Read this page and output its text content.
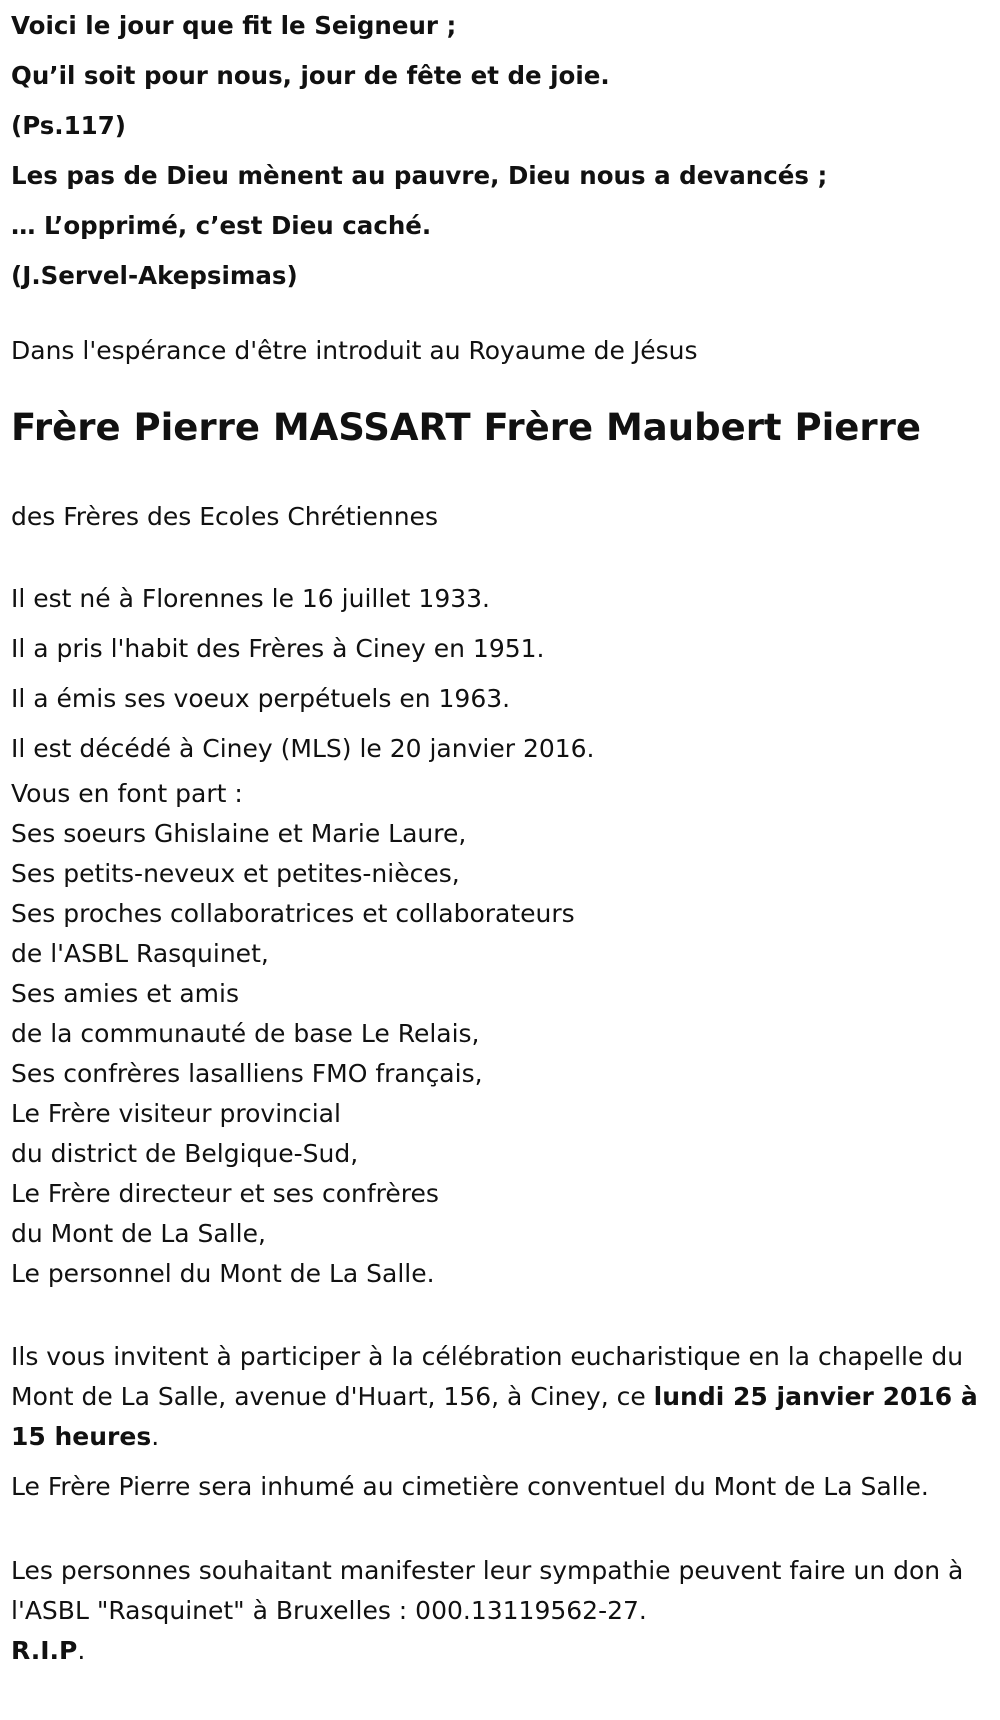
Voici le jour que fit le Seigneur ;

Qu’il soit pour nous, jour de fête et de joie.

(Ps.117)

Les pas de Dieu mènent au pauvre, Dieu nous a devancés ;

… L’opprimé, c’est Dieu caché.

(J.Servel-Akepsimas)

Dans l'espérance d'être introduit au Royaume de Jésus

Frère Pierre MASSART Frère Maubert Pierre

des Frères des Ecoles Chrétiennes

Il est né à Florennes le 16 juillet 1933.

Il a pris l'habit des Frères à Ciney en 1951.

Il a émis ses voeux perpétuels en 1963.

Il est décédé à Ciney (MLS) le 20 janvier 2016.

Vous en font part :

Ses soeurs Ghislaine et Marie Laure,

Ses petits-neveux et petites-nièces,

Ses proches collaboratrices et collaborateurs

de l'ASBL Rasquinet,

Ses amies et amis

de la communauté de base Le Relais,

Ses confrères lasalliens FMO français,

Le Frère visiteur provincial

du district de Belgique-Sud,

Le Frère directeur et ses confrères

du Mont de La Salle,

Le personnel du Mont de La Salle.

Ils vous invitent à participer à la célébration eucharistique en la chapelle du Mont de La Salle, avenue d'Huart, 156, à Ciney, ce lundi 25 janvier 2016 à 15 heures.

Le Frère Pierre sera inhumé au cimetière conventuel du Mont de La Salle.

Les personnes souhaitant manifester leur sympathie peuvent faire un don à l'ASBL "Rasquinet" à Bruxelles : 000.13119562-27.
R.I.P.
